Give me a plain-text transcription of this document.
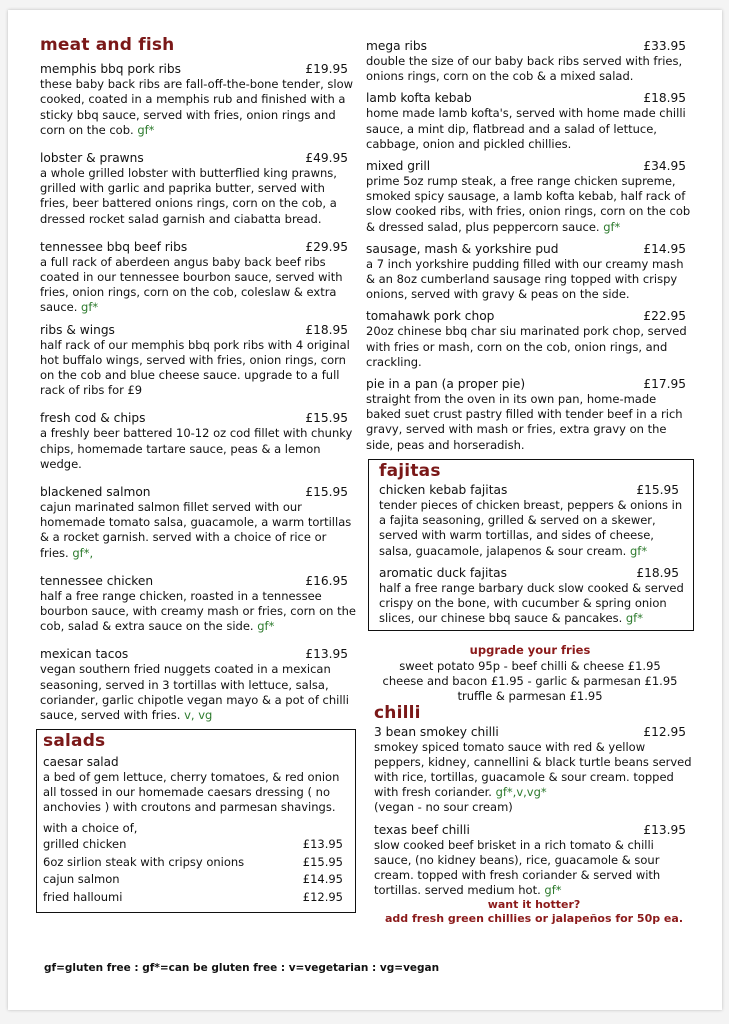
meat and fish
memphis bbq pork ribs	£19.95
these baby back ribs are fall-off-the-bone tender, slow cooked, coated in a memphis rub and finished with a sticky bbq sauce, served with fries, onion rings and corn on the cob. gf*
lobster & prawns	£49.95
a whole grilled lobster with butterflied king prawns, grilled with garlic and paprika butter, served with fries, beer battered onions rings, corn on the cob, a dressed rocket salad garnish and ciabatta bread.
tennessee bbq beef ribs	£29.95
a full rack of aberdeen angus baby back beef ribs coated in our tennessee bourbon sauce, served with fries, onion rings, corn on the cob, coleslaw & extra sauce. gf*
ribs & wings	£18.95
half rack of our memphis bbq pork ribs with 4 original hot buffalo wings, served with fries, onion rings, corn on the cob and blue cheese sauce. upgrade to a full rack of ribs for £9
fresh cod & chips	£15.95
a freshly beer battered 10-12 oz cod fillet with chunky chips, homemade tartare sauce, peas & a lemon wedge.
blackened salmon	£15.95
cajun marinated salmon fillet served with our homemade tomato salsa, guacamole, a warm tortillas & a rocket garnish. served with a choice of rice or fries. gf*,
tennessee chicken	£16.95
half a free range chicken, roasted in a tennessee bourbon sauce, with creamy mash or fries, corn on the cob, salad & extra sauce on the side. gf*
mexican tacos	£13.95
vegan southern fried nuggets coated in a mexican seasoning, served in 3 tortillas with lettuce, salsa, coriander, garlic chipotle vegan mayo & a pot of chilli sauce, served with fries. v, vg
salads
caesar salad
a bed of gem lettuce, cherry tomatoes, & red onion all tossed in our homemade caesars dressing ( no anchovies ) with croutons and parmesan shavings.
with a choice of,
grilled chicken	£13.95
6oz sirlion steak with cripsy onions	£15.95
cajun salmon	£14.95
fried halloumi	£12.95
mega ribs	£33.95
double the size of our baby back ribs served with fries, onions rings, corn on the cob & a mixed salad.
lamb kofta kebab	£18.95
home made lamb kofta's, served with home made chilli sauce, a mint dip, flatbread and a salad of lettuce, cabbage, onion and pickled chillies.
mixed grill	£34.95
prime 5oz rump steak, a free range chicken supreme, smoked spicy sausage, a lamb kofta kebab, half rack of slow cooked ribs, with fries, onion rings, corn on the cob & dressed salad, plus peppercorn sauce. gf*
sausage, mash & yorkshire pud	£14.95
a 7 inch yorkshire pudding filled with our creamy mash & an 8oz cumberland sausage ring topped with crispy onions, served with gravy & peas on the side.
tomahawk pork chop	£22.95
20oz chinese bbq char siu marinated pork chop, served with fries or mash, corn on the cob, onion rings, and crackling.
pie in a pan (a proper pie)	£17.95
straight from the oven in its own pan, home-made baked suet crust pastry filled with tender beef in a rich gravy, served with mash or fries, extra gravy on the side, peas and horseradish.
fajitas
chicken kebab fajitas	£15.95
tender pieces of chicken breast, peppers & onions in a fajita seasoning, grilled & served on a skewer, served with warm tortillas, and sides of cheese, salsa, guacamole, jalapenos & sour cream. gf*
aromatic duck fajitas	£18.95
half a free range barbary duck slow cooked & served crispy on the bone, with cucumber & spring onion slices, our chinese bbq sauce & pancakes. gf*
upgrade your fries
sweet potato 95p - beef chilli & cheese £1.95
cheese and bacon £1.95 - garlic & parmesan £1.95
truffle & parmesan £1.95
chilli
3 bean smokey chilli	£12.95
smokey spiced tomato sauce with red & yellow peppers, kidney, cannellini & black turtle beans served with rice, tortillas, guacamole & sour cream. topped with fresh coriander. gf*,v,vg*
(vegan - no sour cream)
texas beef chilli	£13.95
slow cooked beef brisket in a rich tomato & chilli sauce, (no kidney beans), rice, guacamole & sour cream. topped with fresh coriander & served with tortillas. served medium hot. gf*
want it hotter?
add fresh green chillies or jalapeños for 50p ea.
gf=gluten free : gf*=can be gluten free : v=vegetarian : vg=vegan
